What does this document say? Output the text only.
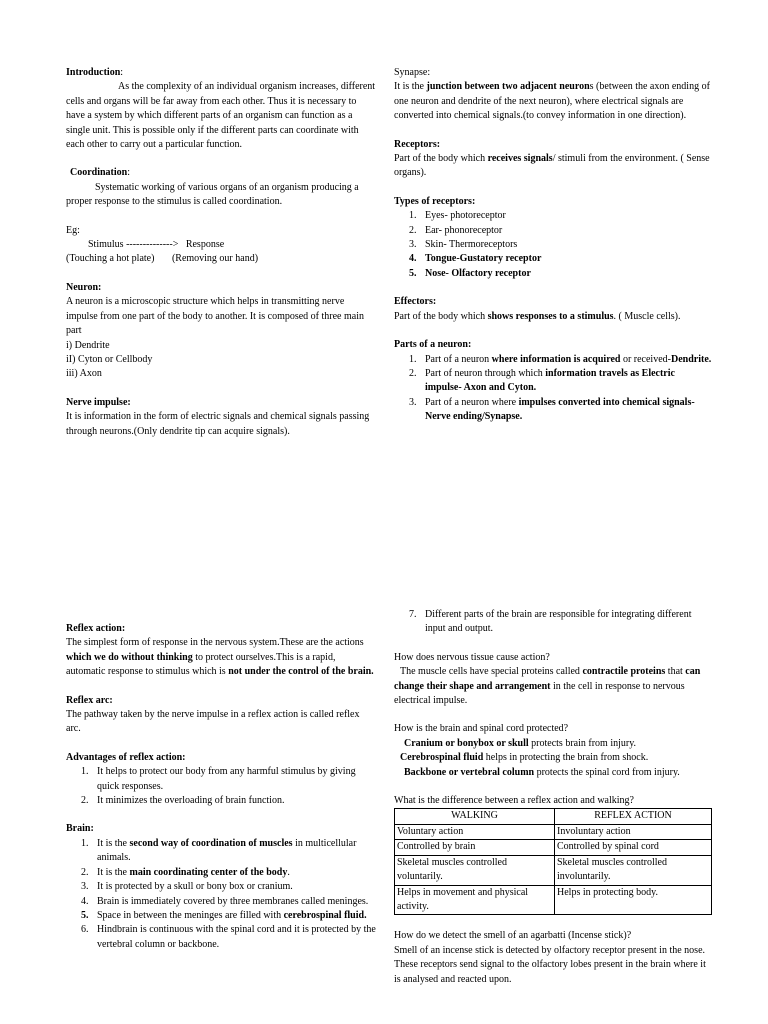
Introduction:

As the complexity of an individual organism increases, different cells and organs will be far away from each other. Thus it is necessary to have a system by which different parts of an organism can function as a single unit. This is possible only if the different parts can coordinate with each other to carry out a particular function.

Coordination:

Systematic working of various organs of an organism producing a proper response to the stimulus is called coordination.

Eg:

Stimulus -------------->   Response

(Touching a hot plate)       (Removing our hand)

Neuron:

A neuron is a microscopic structure which helps in transmitting nerve impulse from one part of the body to another. It is composed of three main part

i) Dendrite

iI) Cyton or Cellbody

iii) Axon

Nerve impulse:

It is information in the form of electric signals and chemical signals passing through neurons.(Only dendrite tip can acquire signals).

Synapse:

It is the junction between two adjacent neurons (between the axon ending of one neuron and dendrite of the next neuron), where electrical signals are converted into chemical signals.(to convey information in one direction).

Receptors:

Part of the body which receives signals/ stimuli from the environment. ( Sense organs).

Types of receptors:

1. Eyes- photoreceptor
2. Ear- phonoreceptor
3. Skin- Thermoreceptors
4. Tongue-Gustatory receptor
5. Nose- Olfactory receptor

Effectors:

Part of the body which shows responses to a stimulus. ( Muscle cells).

Parts of a neuron:

1. Part of a neuron where information is acquired or received-Dendrite.
2. Part of neuron through which information travels as Electric impulse- Axon and Cyton.
3. Part of a neuron where impulses converted into chemical signals- Nerve ending/Synapse.

Reflex action:

The simplest form of response in the nervous system.These are the actions which we do without thinking to protect ourselves.This is a rapid, automatic response to stimulus which is not under the control of the brain.

Reflex arc:

The pathway taken by the nerve impulse in a reflex action is called reflex arc.

Advantages of reflex action:

1. It helps to protect our body from any harmful stimulus by giving quick responses.
2. It minimizes the overloading of brain function.

Brain:

1. It is the second way of coordination of muscles in multicellular animals.
2. It is the main coordinating center of the body.
3. It is protected by a skull or bony box or cranium.
4. Brain is immediately covered by three membranes called meninges.
5. Space in between the meninges are filled with cerebrospinal fluid.
6. Hindbrain is continuous with the spinal cord and it is protected by the vertebral column or backbone.
7. Different parts of the brain are responsible for integrating different input and output.

How does nervous tissue cause action?

The muscle cells have special proteins called contractile proteins that can change their shape and arrangement in the cell in response to nervous electrical impulse.

How is the brain and spinal cord protected?

Cranium or bonybox or skull protects brain from injury.

Cerebrospinal fluid helps in protecting the brain from shock.

Backbone or vertebral column protects the spinal cord from injury.

What is the difference between a reflex action and walking?

WALKING	REFLEX ACTION
Voluntary action	Involuntary action
Controlled by brain	Controlled by spinal cord
Skeletal muscles controlled voluntarily.	Skeletal muscles controlled involuntarily.
Helps in movement and physical activity.	Helps in protecting body.

How do we detect the smell of an agarbatti (Incense stick)?

Smell of an incense stick is detected by olfactory receptor present in the nose. These receptors send signal to the olfactory lobes present in the brain where it is analysed and reacted upon.
